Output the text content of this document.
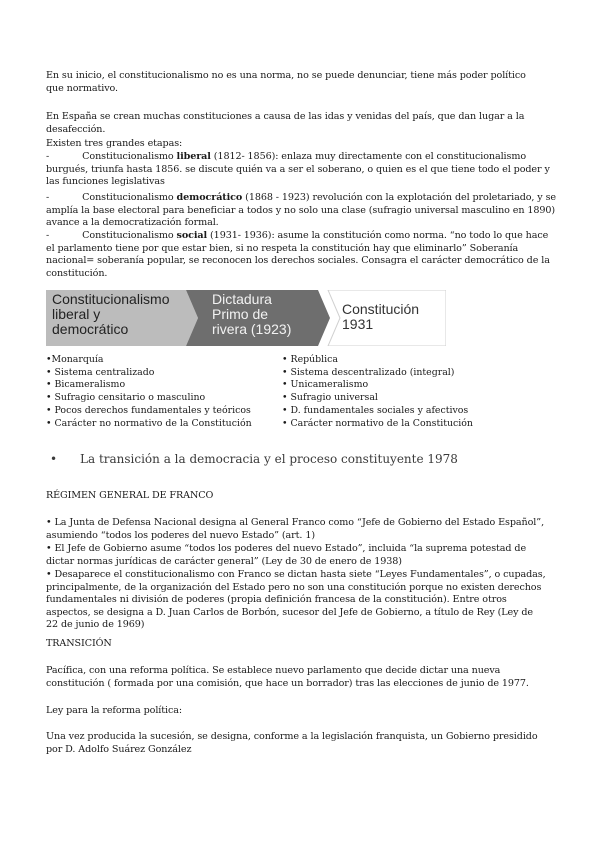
En su inicio, el constitucionalismo no es una norma, no se puede denunciar, tiene más poder político que normativo.
En España se crean muchas constituciones a causa de las idas y venidas del país, que dan lugar a la desafección.
Existen tres grandes etapas:
-	Constitucionalismo liberal (1812- 1856): enlaza muy directamente con el constitucionalismo burgués, triunfa hasta 1856. se discute quién va a ser el soberano, o quien es el que tiene todo el poder y las funciones legislativas
-	Constitucionalismo democrático (1868 - 1923) revolución con la explotación del proletariado, y se amplía la base electoral para beneficiar a todos y no solo una clase (sufragio universal masculino en 1890) avance a la democratización formal.
-	Constitucionalismo social (1931- 1936): asume la constitución como norma. “no todo lo que hace el parlamento tiene por que estar bien, si no respeta la constitución hay que eliminarlo” Soberanía nacional= soberanía popular, se reconocen los derechos sociales. Consagra el carácter democrático de la constitución.
Constitucionalismo
liberal y
democrático
Dictadura
Primo de
rivera (1923)
Constitución
1931
•Monarquía
• Sistema centralizado
• Bicameralismo
• Sufragio censitario o masculino
• Pocos derechos fundamentales y teóricos
• Carácter no normativo de la Constitución
• República
• Sistema descentralizado (integral)
• Unicameralismo
• Sufragio universal
• D. fundamentales sociales y afectivos
• Carácter normativo de la Constitución
• La transición a la democracia y el proceso constituyente 1978
RÉGIMEN GENERAL DE FRANCO
• La Junta de Defensa Nacional designa al General Franco como “Jefe de Gobierno del Estado Español”, asumiendo “todos los poderes del nuevo Estado” (art. 1)
• El Jefe de Gobierno asume “todos los poderes del nuevo Estado”, incluida “la suprema potestad de dictar normas jurídicas de carácter general” (Ley de 30 de enero de 1938)
• Desaparece el constitucionalismo con Franco se dictan hasta siete “Leyes Fundamentales”, o cupadas, principalmente, de la organización del Estado pero no son una constitución porque no existen derechos fundamentales ni división de poderes (propia definición francesa de la constitución). Entre otros aspectos, se designa a D. Juan Carlos de Borbón, sucesor del Jefe de Gobierno, a título de Rey (Ley de 22 de junio de 1969)
TRANSICIÓN
Pacífica, con una reforma política. Se establece nuevo parlamento que decide dictar una nueva constitución ( formada por una comisión, que hace un borrador) tras las elecciones de junio de 1977.
Ley para la reforma política:
Una vez producida la sucesión, se designa, conforme a la legislación franquista, un Gobierno presidido por D. Adolfo Suárez González
